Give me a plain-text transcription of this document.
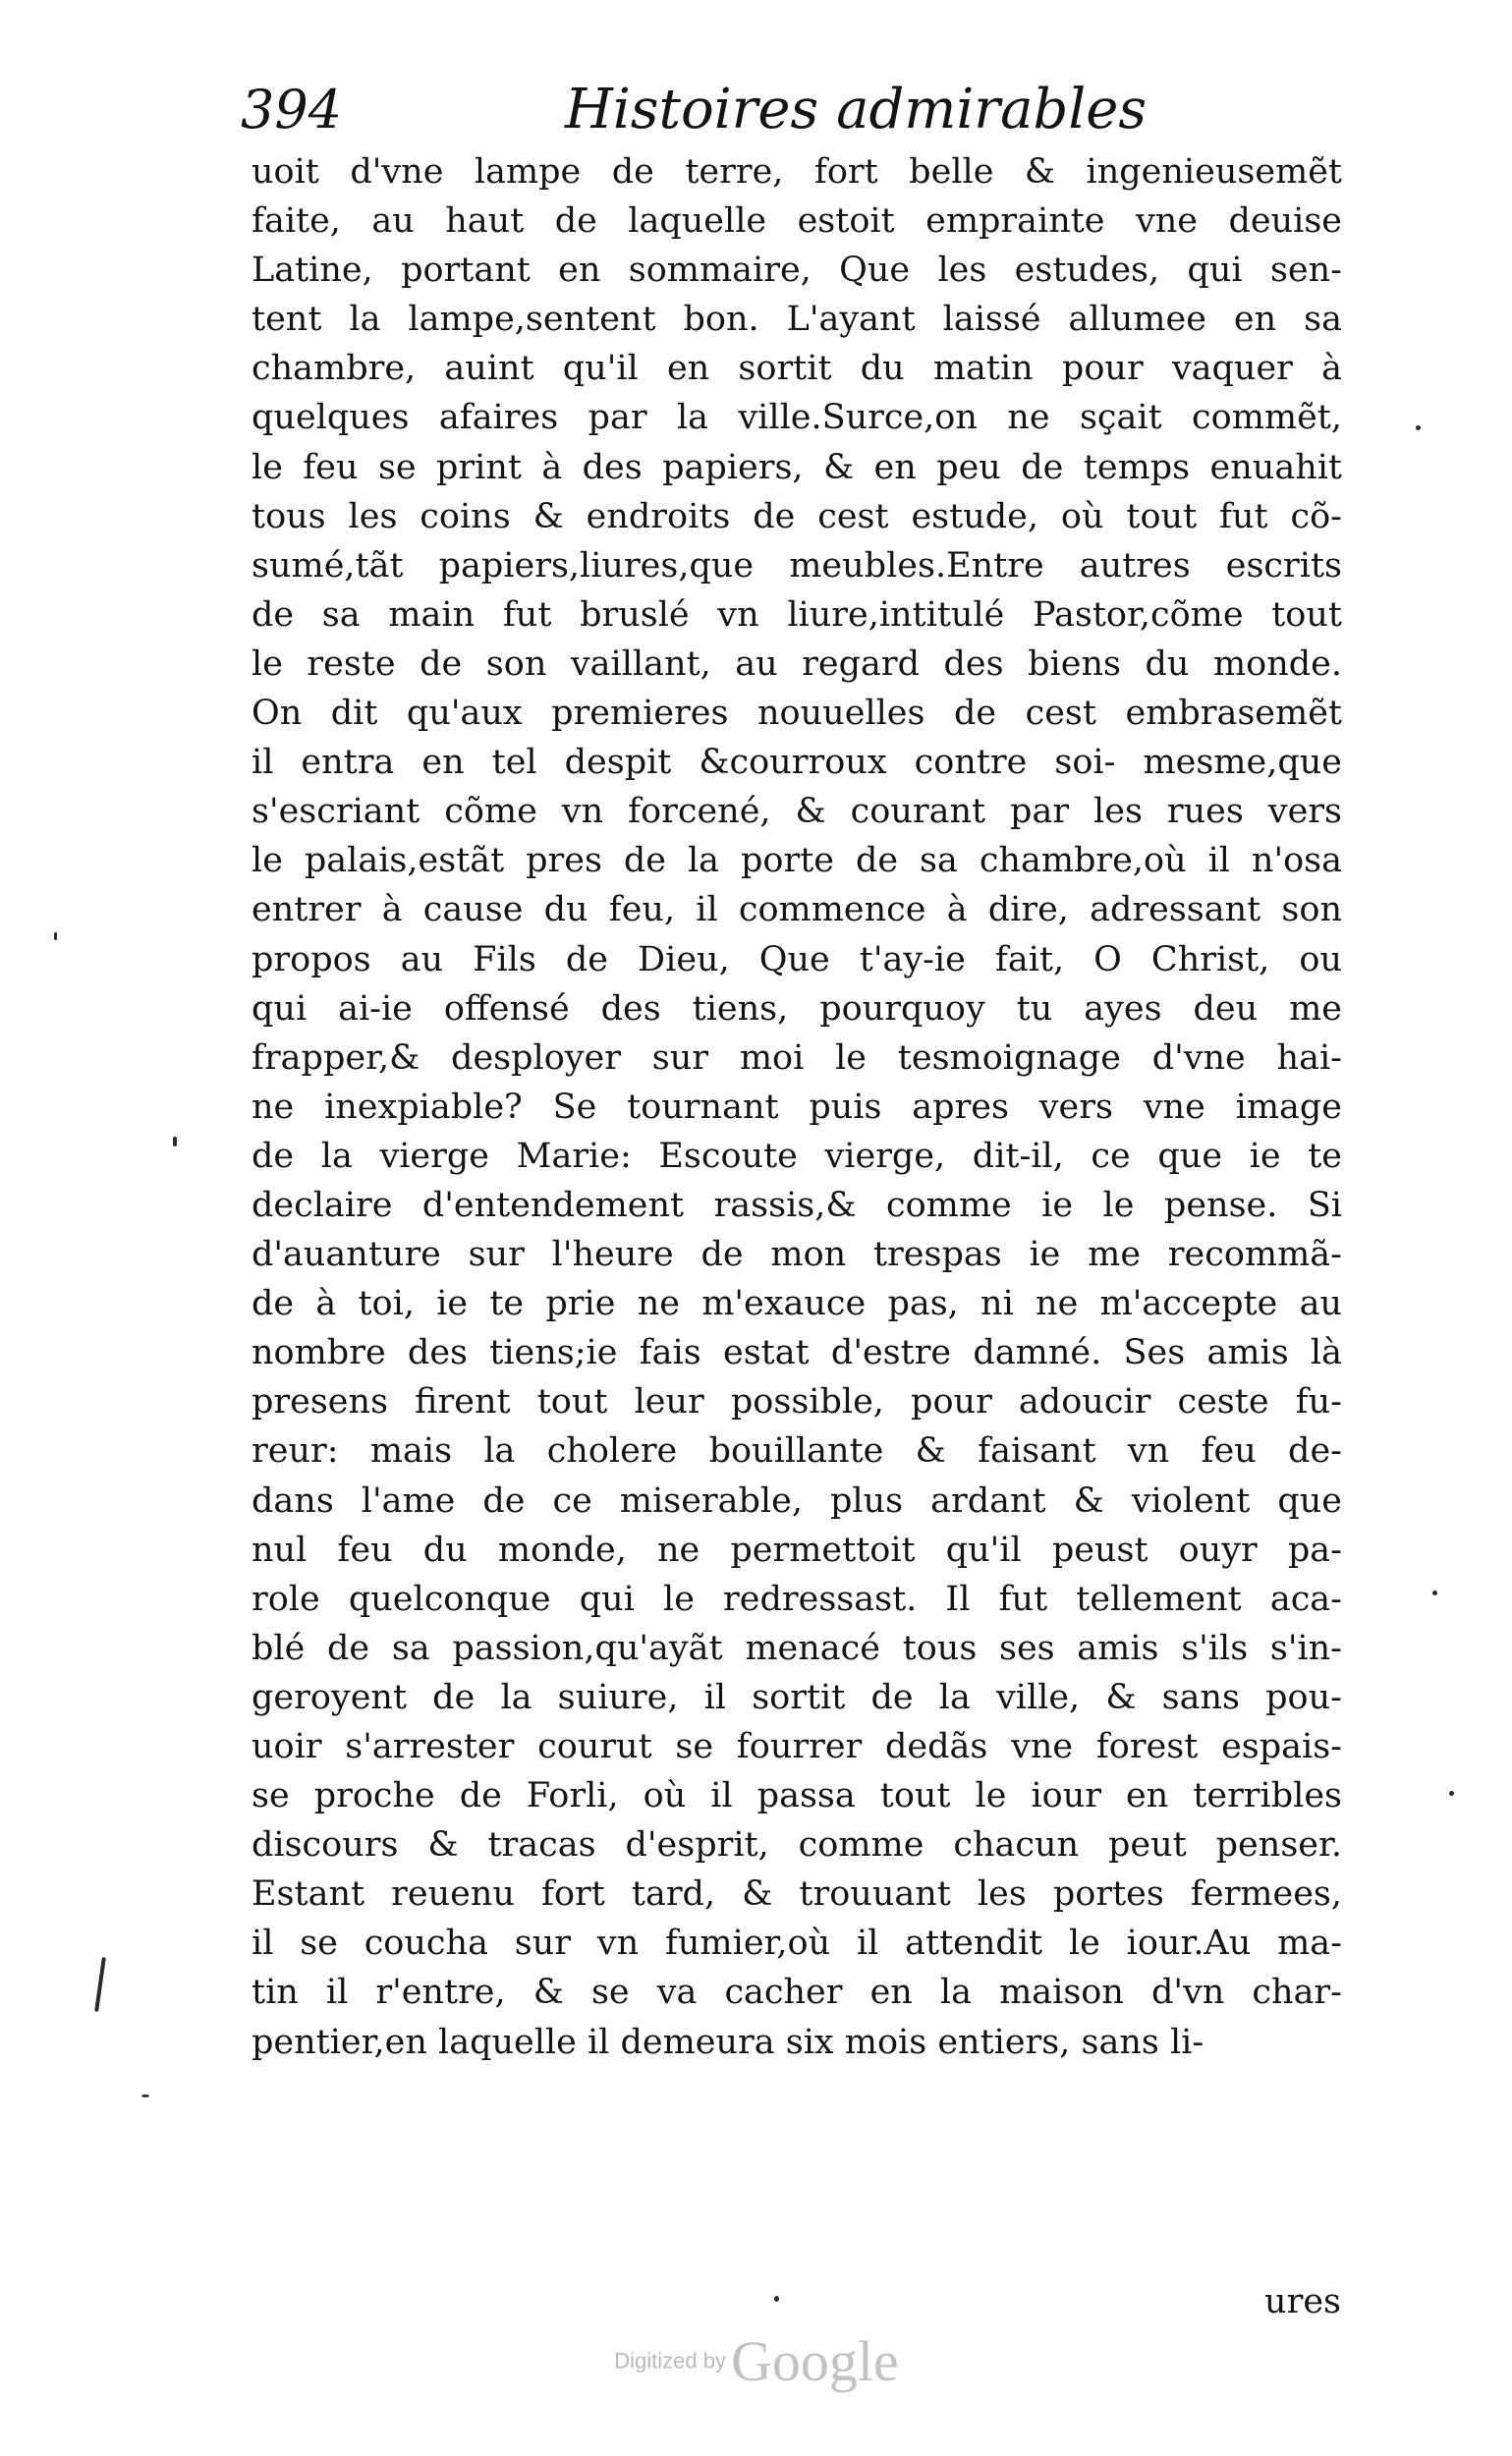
394	Histoires admirables
uoit d'vne lampe de terre, fort belle & ingenieusemẽt
faite, au haut de laquelle estoit emprainte vne deuise
Latine, portant en sommaire, Que les estudes, qui sen-
tent la lampe,sentent bon. L'ayant laissé allumee en sa
chambre, auint qu'il en sortit du matin pour vaquer à
quelques afaires par la ville.Surce,on ne sçait commẽt,
le feu se print à des papiers, & en peu de temps enuahit
tous les coins & endroits de cest estude, où tout fut cõ-
sumé,tãt papiers,liures,que meubles.Entre autres escrits
de sa main fut bruslé vn liure,intitulé Pastor,cõme tout
le reste de son vaillant, au regard des biens du monde.
On dit qu'aux premieres nouuelles de cest embrasemẽt
il entra en tel despit &courroux contre soi- mesme,que
s'escriant cõme vn forcené, & courant par les rues vers
le palais,estãt pres de la porte de sa chambre,où il n'osa
entrer à cause du feu, il commence à dire, adressant son
propos au Fils de Dieu, Que t'ay-ie fait, O Christ, ou
qui ai-ie offensé des tiens, pourquoy tu ayes deu me
frapper,& desployer sur moi le tesmoignage d'vne hai-
ne inexpiable? Se tournant puis apres vers vne image
de la vierge Marie: Escoute vierge, dit-il, ce que ie te
declaire d'entendement rassis,& comme ie le pense. Si
d'auanture sur l'heure de mon trespas ie me recommã-
de à toi, ie te prie ne m'exauce pas, ni ne m'accepte au
nombre des tiens;ie fais estat d'estre damné. Ses amis là
presens firent tout leur possible, pour adoucir ceste fu-
reur: mais la cholere bouillante & faisant vn feu de-
dans l'ame de ce miserable, plus ardant & violent que
nul feu du monde, ne permettoit qu'il peust ouyr pa-
role quelconque qui le redressast. Il fut tellement aca-
blé de sa passion,qu'ayãt menacé tous ses amis s'ils s'in-
geroyent de la suiure, il sortit de la ville, & sans pou-
uoir s'arrester courut se fourrer dedãs vne forest espais-
se proche de Forli, où il passa tout le iour en terribles
discours & tracas d'esprit, comme chacun peut penser.
Estant reuenu fort tard, & trouuant les portes fermees,
il se coucha sur vn fumier,où il attendit le iour.Au ma-
tin il r'entre, & se va cacher en la maison d'vn char-
pentier,en laquelle il demeura six mois entiers, sans li-
ures
Digitized by Google
